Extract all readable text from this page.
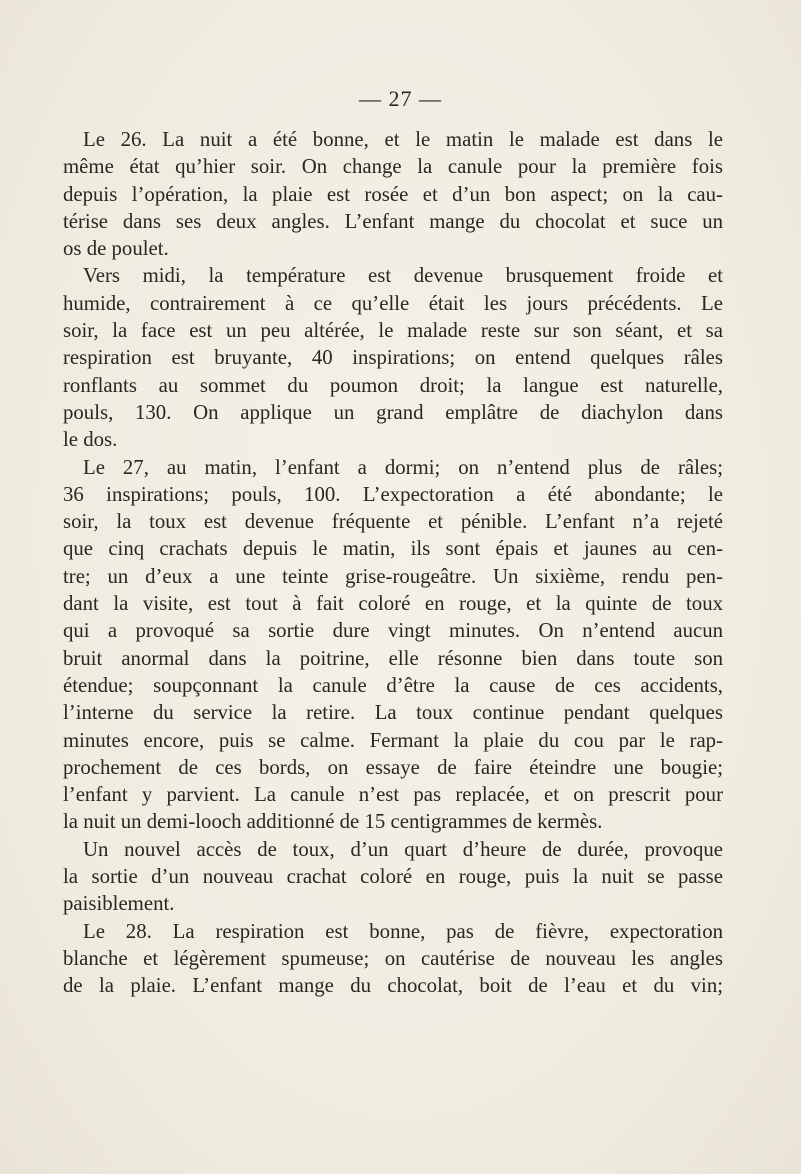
— 27 —
Le 26. La nuit a été bonne, et le matin le malade est dans le
même état qu’hier soir. On change la canule pour la première fois
depuis l’opération, la plaie est rosée et d’un bon aspect; on la cau-
térise dans ses deux angles. L’enfant mange du chocolat et suce un
os de poulet.
Vers midi, la température est devenue brusquement froide et
humide, contrairement à ce qu’elle était les jours précédents. Le
soir, la face est un peu altérée, le malade reste sur son séant, et sa
respiration est bruyante, 40 inspirations; on entend quelques râles
ronflants au sommet du poumon droit; la langue est naturelle,
pouls, 130. On applique un grand emplâtre de diachylon dans
le dos.
Le 27, au matin, l’enfant a dormi; on n’entend plus de râles;
36 inspirations; pouls, 100. L’expectoration a été abondante; le
soir, la toux est devenue fréquente et pénible. L’enfant n’a rejeté
que cinq crachats depuis le matin, ils sont épais et jaunes au cen-
tre; un d’eux a une teinte grise-rougeâtre. Un sixième, rendu pen-
dant la visite, est tout à fait coloré en rouge, et la quinte de toux
qui a provoqué sa sortie dure vingt minutes. On n’entend aucun
bruit anormal dans la poitrine, elle résonne bien dans toute son
étendue; soupçonnant la canule d’être la cause de ces accidents,
l’interne du service la retire. La toux continue pendant quelques
minutes encore, puis se calme. Fermant la plaie du cou par le rap-
prochement de ces bords, on essaye de faire éteindre une bougie;
l’enfant y parvient. La canule n’est pas replacée, et on prescrit pour
la nuit un demi-looch additionné de 15 centigrammes de kermès.
Un nouvel accès de toux, d’un quart d’heure de durée, provoque
la sortie d’un nouveau crachat coloré en rouge, puis la nuit se passe
paisiblement.
Le 28. La respiration est bonne, pas de fièvre, expectoration
blanche et légèrement spumeuse; on cautérise de nouveau les angles
de la plaie. L’enfant mange du chocolat, boit de l’eau et du vin;
